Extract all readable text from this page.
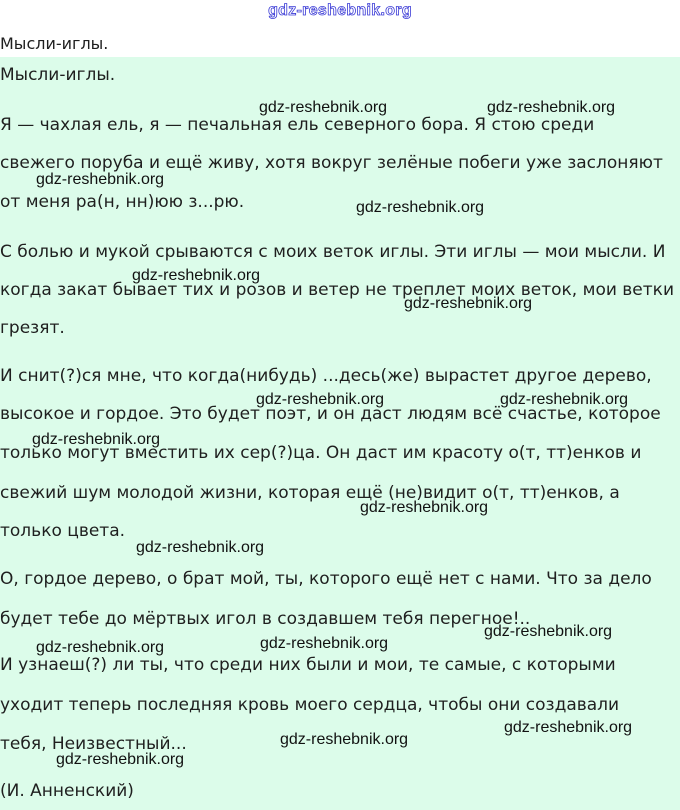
gdz-reshebnik.org
Мысли-иглы.
Мысли-иглы.
Я — чахлая ель, я — печальная ель северного бора. Я стою среди
свежего поруба и ещё живу, хотя вокруг зелёные побеги уже заслоняют
от меня ра(н, нн)юю з...рю.
С болью и мукой срываются с моих веток иглы. Эти иглы — мои мысли. И
когда закат бывает тих и розов и ветер не треплет моих веток, мои ветки
грезят.
И снит(?)ся мне, что когда(нибудь) ...десь(же) вырастет другое дерево,
высокое и гордое. Это будет поэт, и он даст людям всё счастье, которое
только могут вместить их сер(?)ца. Он даст им красоту о(т, тт)енков и
свежий шум молодой жизни, которая ещё (не)видит о(т, тт)енков, а
только цвета.
О, гордое дерево, о брат мой, ты, которого ещё нет с нами. Что за дело
будет тебе до мёртвых игол в создавшем тебя перегное!..
И узнаеш(?) ли ты, что среди них были и мои, те самые, с которыми
уходит теперь последняя кровь моего сердца, чтобы они создавали
тебя, Неизвестный...
(И. Анненский)
gdz-reshebnik.org	gdz-reshebnik.org
gdz-reshebnik.org
gdz-reshebnik.org
gdz-reshebnik.org
gdz-reshebnik.org
gdz-reshebnik.org	gdz-reshebnik.org
gdz-reshebnik.org
gdz-reshebnik.org
gdz-reshebnik.org
gdz-reshebnik.org
gdz-reshebnik.org	gdz-reshebnik.org
gdz-reshebnik.org
gdz-reshebnik.org
gdz-reshebnik.org
